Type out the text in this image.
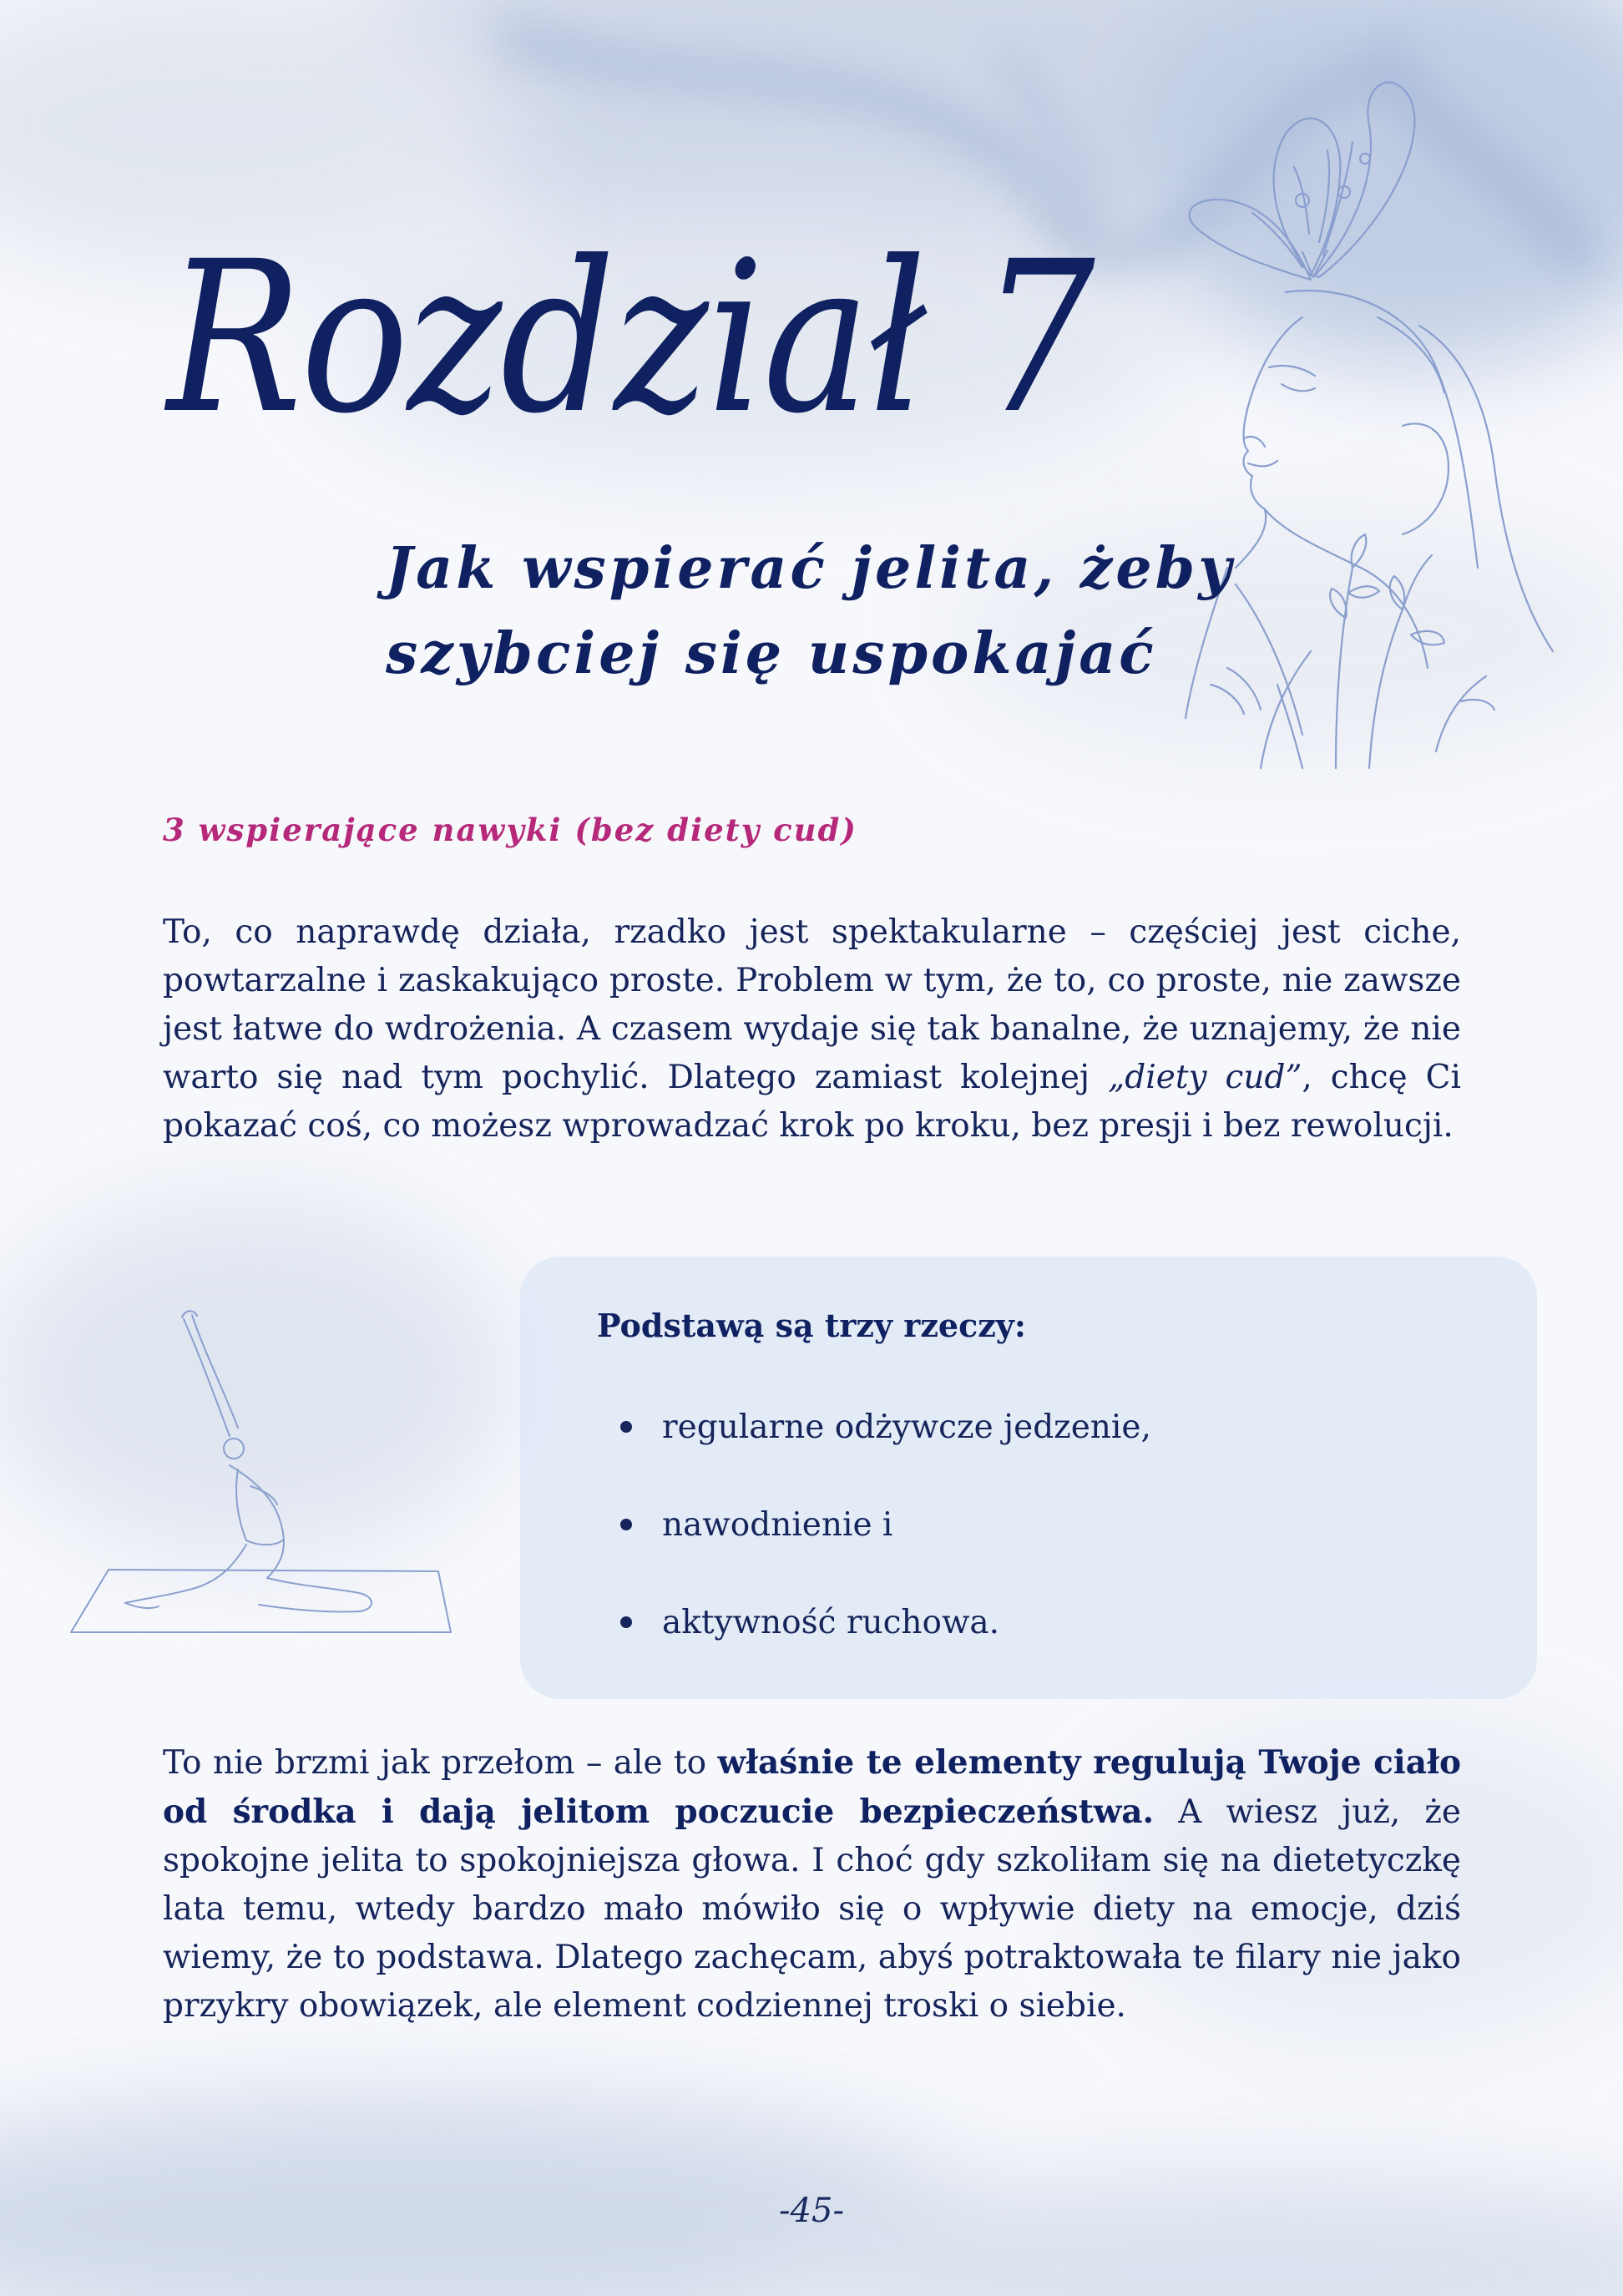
Rozdział 7
Jak wspierać jelita, żeby szybciej się uspokajać
3 wspierające nawyki (bez diety cud)

To, co naprawdę działa, rzadko jest spektakularne – częściej jest ciche, powtarzalne i zaskakująco proste. Problem w tym, że to, co proste, nie zawsze jest łatwe do wdrożenia. A czasem wydaje się tak banalne, że uznajemy, że nie warto się nad tym pochylić. Dlatego zamiast kolejnej „diety cud”, chcę Ci pokazać coś, co możesz wprowadzać krok po kroku, bez presji i bez rewolucji.

Podstawą są trzy rzeczy:
regularne odżywcze jedzenie,
nawodnienie i
aktywność ruchowa.

To nie brzmi jak przełom – ale to właśnie te elementy regulują Twoje ciało od środka i dają jelitom poczucie bezpieczeństwa. A wiesz już, że spokojne jelita to spokojniejsza głowa. I choć gdy szkoliłam się na dietetyczkę lata temu, wtedy bardzo mało mówiło się o wpływie diety na emocje, dziś wiemy, że to podstawa. Dlatego zachęcam, abyś potraktowała te filary nie jako przykry obowiązek, ale element codziennej troski o siebie.

-45-
